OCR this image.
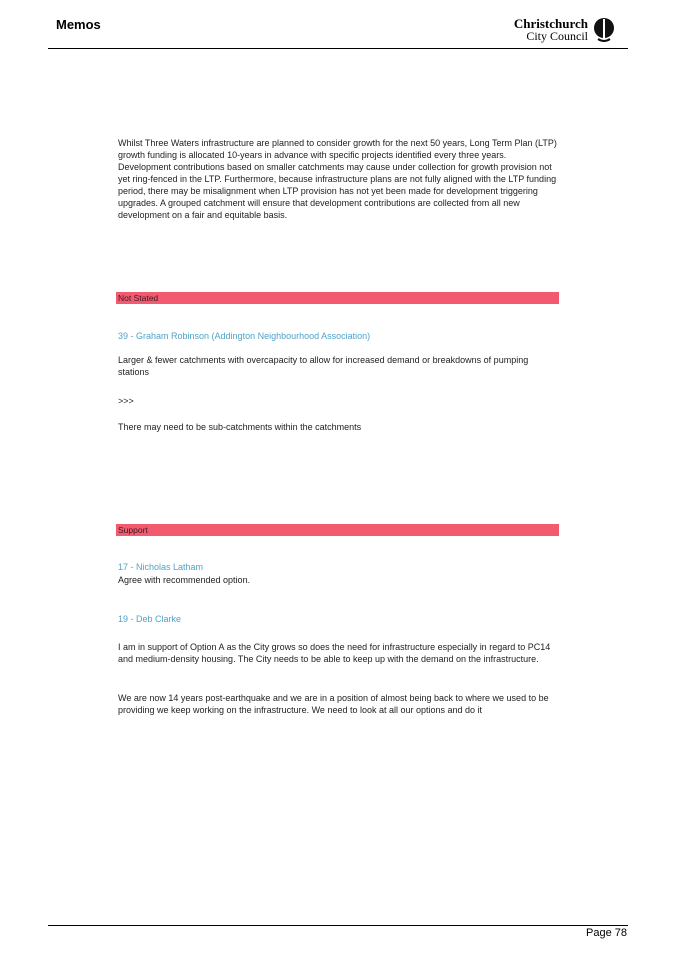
Memos	Christchurch
City Council

Whilst Three Waters infrastructure are planned to consider growth for the next 50 years, Long Term Plan (LTP) growth funding is allocated 10-years in advance with specific projects identified every three years. Development contributions based on smaller catchments may cause under collection for growth provision not yet ring-fenced in the LTP. Furthermore, because infrastructure plans are not fully aligned with the LTP funding period, there may be misalignment when LTP provision has not yet been made for development triggering upgrades. A grouped catchment will ensure that development contributions are collected from all new development on a fair and equitable basis.

Not Stated
39 - Graham Robinson (Addington Neighbourhood Association)

Larger & fewer catchments with overcapacity to allow for increased demand or breakdowns of pumping stations

>>>

There may need to be sub-catchments within the catchments

Support
17 - Nicholas Latham

Agree with recommended option.

19 - Deb Clarke

I am in support of Option A as the City grows so does the need for infrastructure especially in regard to PC14 and medium-density housing. The City needs to be able to keep up with the demand on the infrastructure.

We are now 14 years post-earthquake and we are in a position of almost being back to where we used to be providing we keep working on the infrastructure. We need to look at all our options and do it

Page 78
